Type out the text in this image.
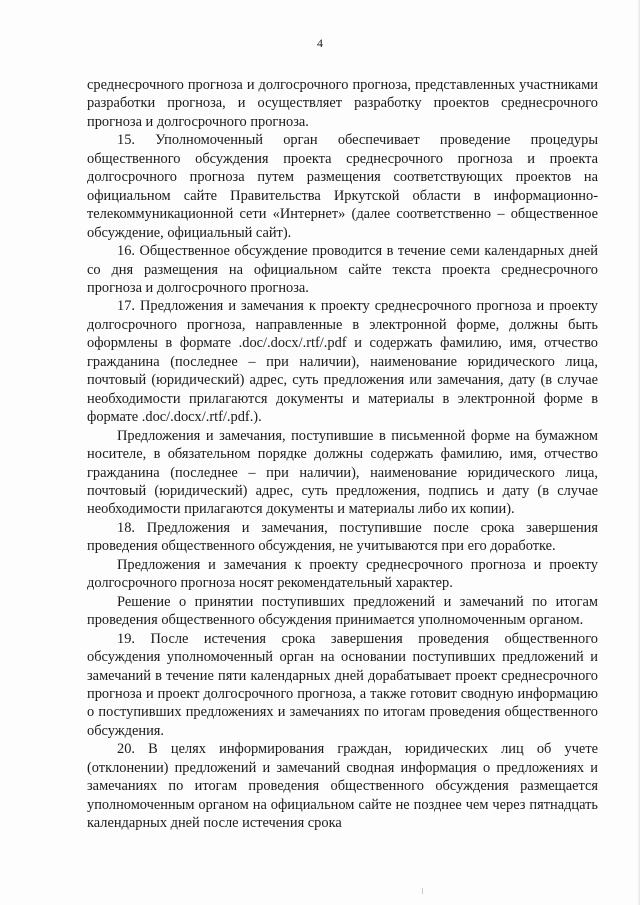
4

среднесрочного прогноза и долгосрочного прогноза, представленных участниками разработки прогноза, и осуществляет разработку проектов среднесрочного прогноза и долгосрочного прогноза.

15. Уполномоченный орган обеспечивает проведение процедуры общественного обсуждения проекта среднесрочного прогноза и проекта долгосрочного прогноза путем размещения соответствующих проектов на официальном сайте Правительства Иркутской области в информационно-телекоммуникационной сети «Интернет» (далее соответственно – общественное обсуждение, официальный сайт).

16. Общественное обсуждение проводится в течение семи календарных дней со дня размещения на официальном сайте текста проекта среднесрочного прогноза и долгосрочного прогноза.

17. Предложения и замечания к проекту среднесрочного прогноза и проекту долгосрочного прогноза, направленные в электронной форме, должны быть оформлены в формате .doc/.docx/.rtf/.pdf и содержать фамилию, имя, отчество гражданина (последнее – при наличии), наименование юридического лица, почтовый (юридический) адрес, суть предложения или замечания, дату (в случае необходимости прилагаются документы и материалы в электронной форме в формате .doc/.docx/.rtf/.pdf.).

Предложения и замечания, поступившие в письменной форме на бумажном носителе, в обязательном порядке должны содержать фамилию, имя, отчество гражданина (последнее – при наличии), наименование юридического лица, почтовый (юридический) адрес, суть предложения, подпись и дату (в случае необходимости прилагаются документы и материалы либо их копии).

18. Предложения и замечания, поступившие после срока завершения проведения общественного обсуждения, не учитываются при его доработке.

Предложения и замечания к проекту среднесрочного прогноза и проекту долгосрочного прогноза носят рекомендательный характер.

Решение о принятии поступивших предложений и замечаний по итогам проведения общественного обсуждения принимается уполномоченным органом.

19. После истечения срока завершения проведения общественного обсуждения уполномоченный орган на основании поступивших предложений и замечаний в течение пяти календарных дней дорабатывает проект среднесрочного прогноза и проект долгосрочного прогноза, а также готовит сводную информацию о поступивших предложениях и замечаниях по итогам проведения общественного обсуждения.

20. В целях информирования граждан, юридических лиц об учете (отклонении) предложений и замечаний сводная информация о предложениях и замечаниях по итогам проведения общественного обсуждения размещается уполномоченным органом на официальном сайте не позднее чем через пятнадцать календарных дней после истечения срока
